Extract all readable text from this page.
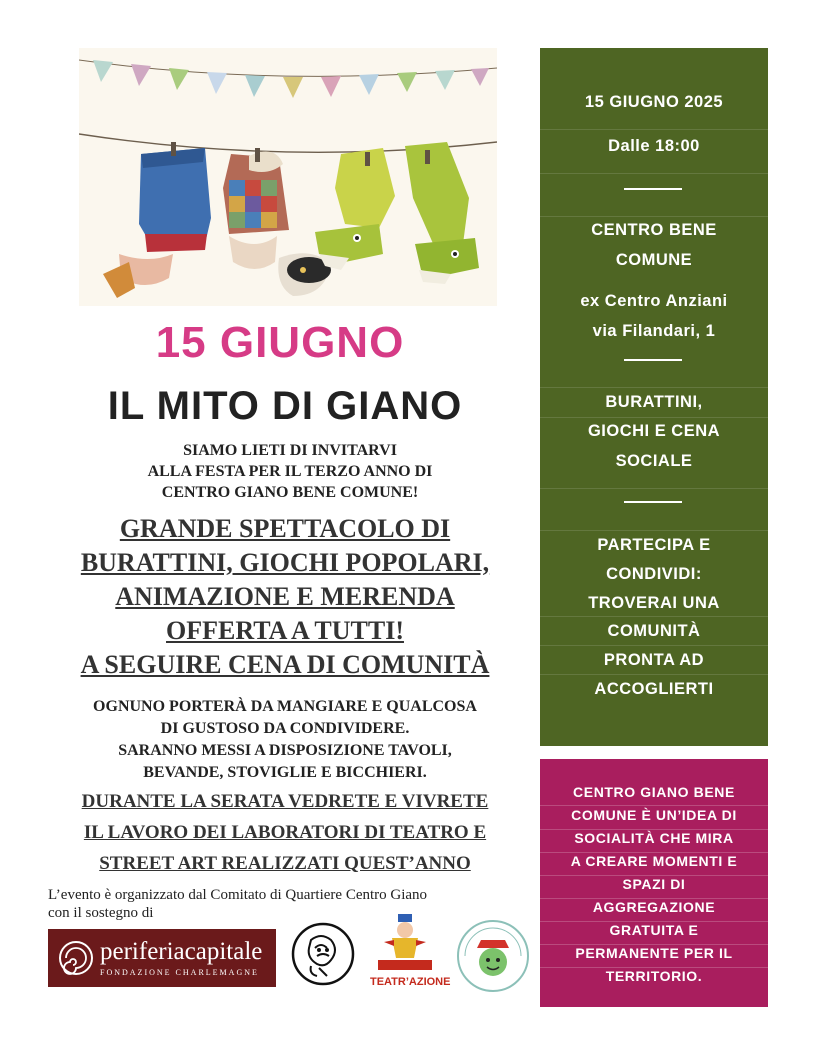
15 GIUGNO
IL MITO DI GIANO
SIAMO LIETI DI INVITARVI
ALLA FESTA PER IL TERZO ANNO DI
CENTRO GIANO BENE COMUNE!
GRANDE SPETTACOLO DI
BURATTINI, GIOCHI POPOLARI,
ANIMAZIONE E MERENDA
OFFERTA A TUTTI!
A SEGUIRE CENA DI COMUNITÀ
OGNUNO PORTERÀ DA MANGIARE E QUALCOSA
DI GUSTOSO DA CONDIVIDERE.
SARANNO MESSI A DISPOSIZIONE TAVOLI,
BEVANDE, STOVIGLIE E BICCHIERI.
DURANTE LA SERATA VEDRETE E VIVRETE
IL LAVORO DEI LABORATORI DI TEATRO E
STREET ART REALIZZATI QUEST’ANNO
L’evento è organizzato dal Comitato di Quartiere Centro Giano
con il sostegno di
periferiacapitale
FONDAZIONE CHARLEMAGNE
TEATR’AZIONE
15 GIUGNO 2025
Dalle 18:00
CENTRO BENE
COMUNE
ex Centro Anziani
via Filandari, 1
BURATTINI,
GIOCHI E CENA
SOCIALE
PARTECIPA E
CONDIVIDI:
TROVERAI UNA
COMUNITÀ
PRONTA AD
ACCOGLIERTI
CENTRO GIANO BENE
COMUNE È UN’IDEA DI
SOCIALITÀ CHE MIRA
A CREARE MOMENTI E
SPAZI DI
AGGREGAZIONE
GRATUITA E
PERMANENTE PER IL
TERRITORIO.
